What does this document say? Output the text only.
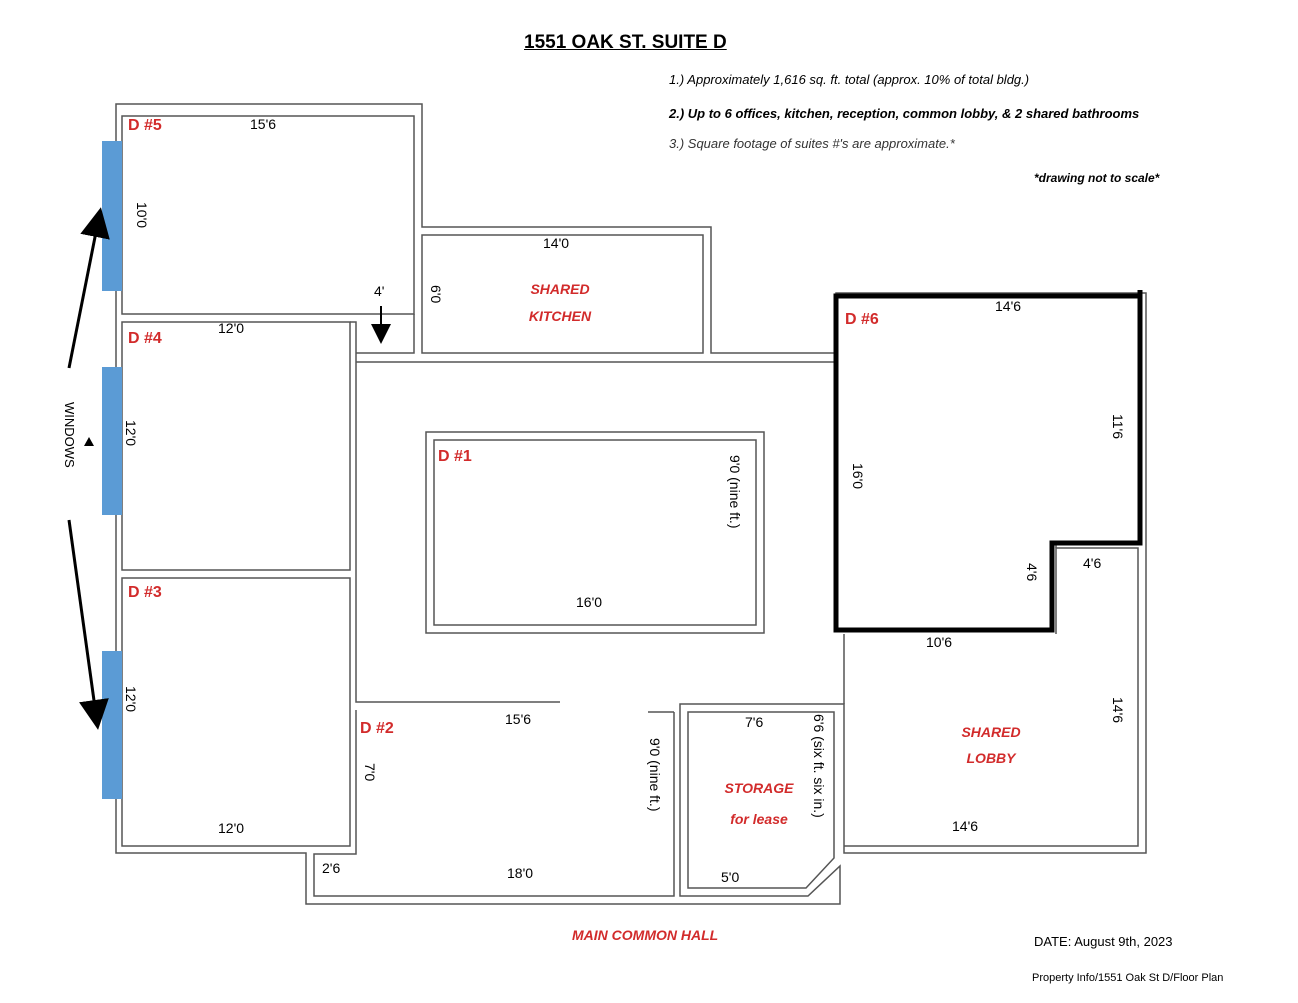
1551 OAK ST. SUITE D
1.) Approximately 1,616 sq. ft. total (approx. 10% of total bldg.)
2.) Up to 6 offices, kitchen, reception, common lobby, & 2 shared bathrooms
3.) Square footage of suites #'s are approximate.*
*drawing not to scale*
D #5	15'6
10'0
4'
14'0
6'0	SHARED
KITCHEN
D #4
12'0
12'0
WINDOWS
D #3
12'0
12'0
D #1	9'0 (nine ft.)
16'0
D #6
14'6
11'6
16'0
4'6	4'6
10'6
D #2
15'6
7'0	9'0 (nine ft.)
18'0
2'6
7'6	6'6 (six ft. six in.)
5'0
STORAGE
for lease
SHARED
LOBBY
14'6
14'6
MAIN COMMON HALL	DATE: August 9th, 2023
Property Info/1551 Oak St D/Floor Plan
